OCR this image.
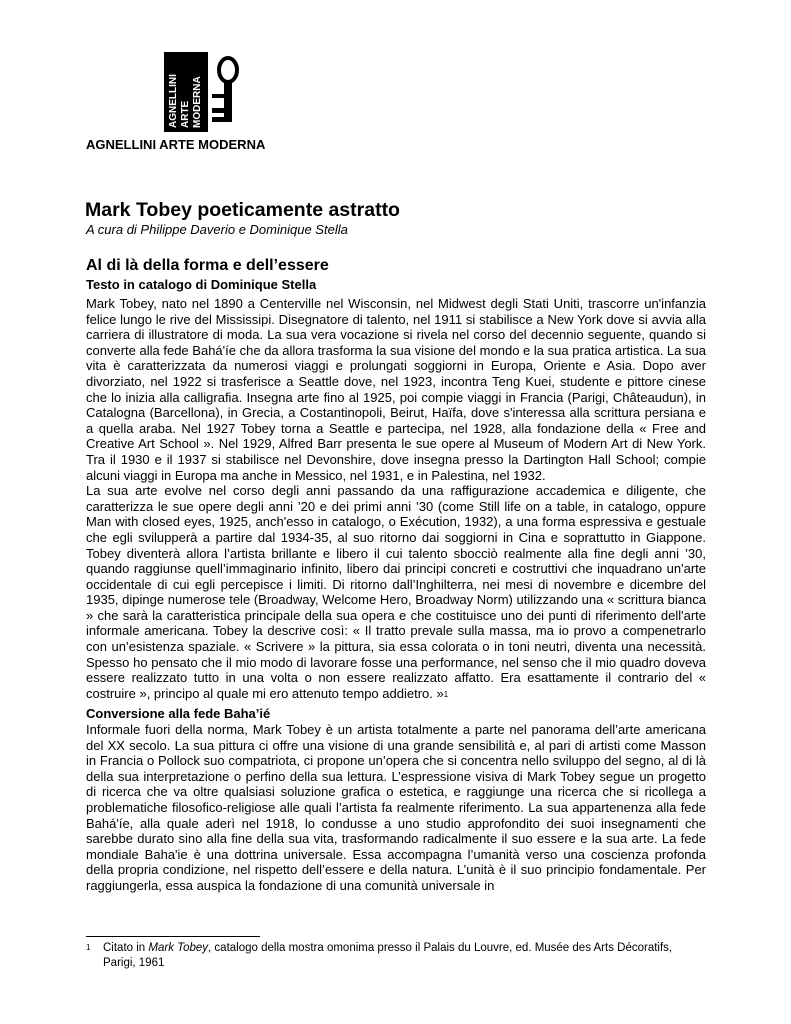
AGNELLINI ARTE MODERNA
AGNELLINI ARTE MODERNA
Mark Tobey poeticamente astratto
A cura di Philippe Daverio e Dominique Stella
Al di là della forma e dell’essere
Testo in catalogo di Dominique Stella

Mark Tobey, nato nel 1890 a Centerville nel Wisconsin, nel Midwest degli Stati Uniti, trascorre un'infanzia felice lungo le rive del Mississipi. Disegnatore di talento, nel 1911 si stabilisce a New York dove si avvia alla carriera di illustratore di moda. La sua vera vocazione si rivela nel corso del decennio seguente, quando si converte alla fede Bahá'íe che da allora trasforma la sua visione del mondo e la sua pratica artistica. La sua vita è caratterizzata da numerosi viaggi e prolungati soggiorni in Europa, Oriente e Asia. Dopo aver divorziato, nel 1922 si trasferisce a Seattle dove, nel 1923, incontra Teng Kuei, studente e pittore cinese che lo inizia alla calligrafia. Insegna arte fino al 1925, poi compie viaggi in Francia (Parigi, Châteaudun), in Catalogna (Barcellona), in Grecia, a Costantinopoli, Beirut, Haïfa, dove s'interessa alla scrittura persiana e a quella araba. Nel 1927 Tobey torna a Seattle e partecipa, nel 1928, alla fondazione della « Free and Creative Art School ». Nel 1929, Alfred Barr presenta le sue opere al Museum of Modern Art di New York. Tra il 1930 e il 1937 si stabilisce nel Devonshire, dove insegna presso la Dartington Hall School; compie alcuni viaggi in Europa ma anche in Messico, nel 1931, e in Palestina, nel 1932.

La sua arte evolve nel corso degli anni passando da una raffigurazione accademica e diligente, che caratterizza le sue opere degli anni ’20 e dei primi anni ’30 (come Still life on a table, in catalogo, oppure Man with closed eyes, 1925, anch'esso in catalogo, o Exécution, 1932), a una forma espressiva e gestuale che egli svilupperà a partire dal 1934-35, al suo ritorno dai soggiorni in Cina e soprattutto in Giappone. Tobey diventerà allora l’artista brillante e libero il cui talento sbocciò realmente alla fine degli anni ’30, quando raggiunse quell’immaginario infinito, libero dai principi concreti e costruttivi che inquadrano un'arte occidentale di cui egli percepisce i limiti. Di ritorno dall’Inghilterra, nei mesi di novembre e dicembre del 1935, dipinge numerose tele (Broadway, Welcome Hero, Broadway Norm) utilizzando una « scrittura bianca » che sarà la caratteristica principale della sua opera e che costituisce uno dei punti di riferimento dell'arte informale americana. Tobey la descrive così: « Il tratto prevale sulla massa, ma io provo a compenetrarlo con un’esistenza spaziale. « Scrivere » la pittura, sia essa colorata o in toni neutri, diventa una necessità. Spesso ho pensato che il mio modo di lavorare fosse una performance, nel senso che il mio quadro doveva essere realizzato tutto in una volta o non essere realizzato affatto. Era esattamente il contrario del « costruire », principo al quale mi ero attenuto tempo addietro. »$^1$

Conversione alla fede Baha’ié

Informale fuori della norma, Mark Tobey è un artista totalmente a parte nel panorama dell’arte americana del XX secolo. La sua pittura ci offre una visione di una grande sensibilità e, al pari di artisti come Masson in Francia o Pollock suo compatriota, ci propone un’opera che si concentra nello sviluppo del segno, al di là della sua interpretazione o perfino della sua lettura. L’espressione visiva di Mark Tobey segue un progetto di ricerca che va oltre qualsiasi soluzione grafica o estetica, e raggiunge una ricerca che si ricollega a problematiche filosofico-religiose alle quali l’artista fa realmente riferimento. La sua appartenenza alla fede Bahá'íe, alla quale aderì nel 1918, lo condusse a uno studio approfondito dei suoi insegnamenti che sarebbe durato sino alla fine della sua vita, trasformando radicalmente il suo essere e la sua arte. La fede mondiale Baha'ie è una dottrina universale. Essa accompagna l’umanità verso una coscienza profonda della propria condizione, nel rispetto dell’essere e della natura. L’unità è il suo principio fondamentale. Per raggiungerla, essa auspica la fondazione di una comunità universale in

1 Citato in Mark Tobey, catalogo della mostra omonima presso il Palais du Louvre, ed. Musée des Arts Décoratifs, Parigi, 1961
